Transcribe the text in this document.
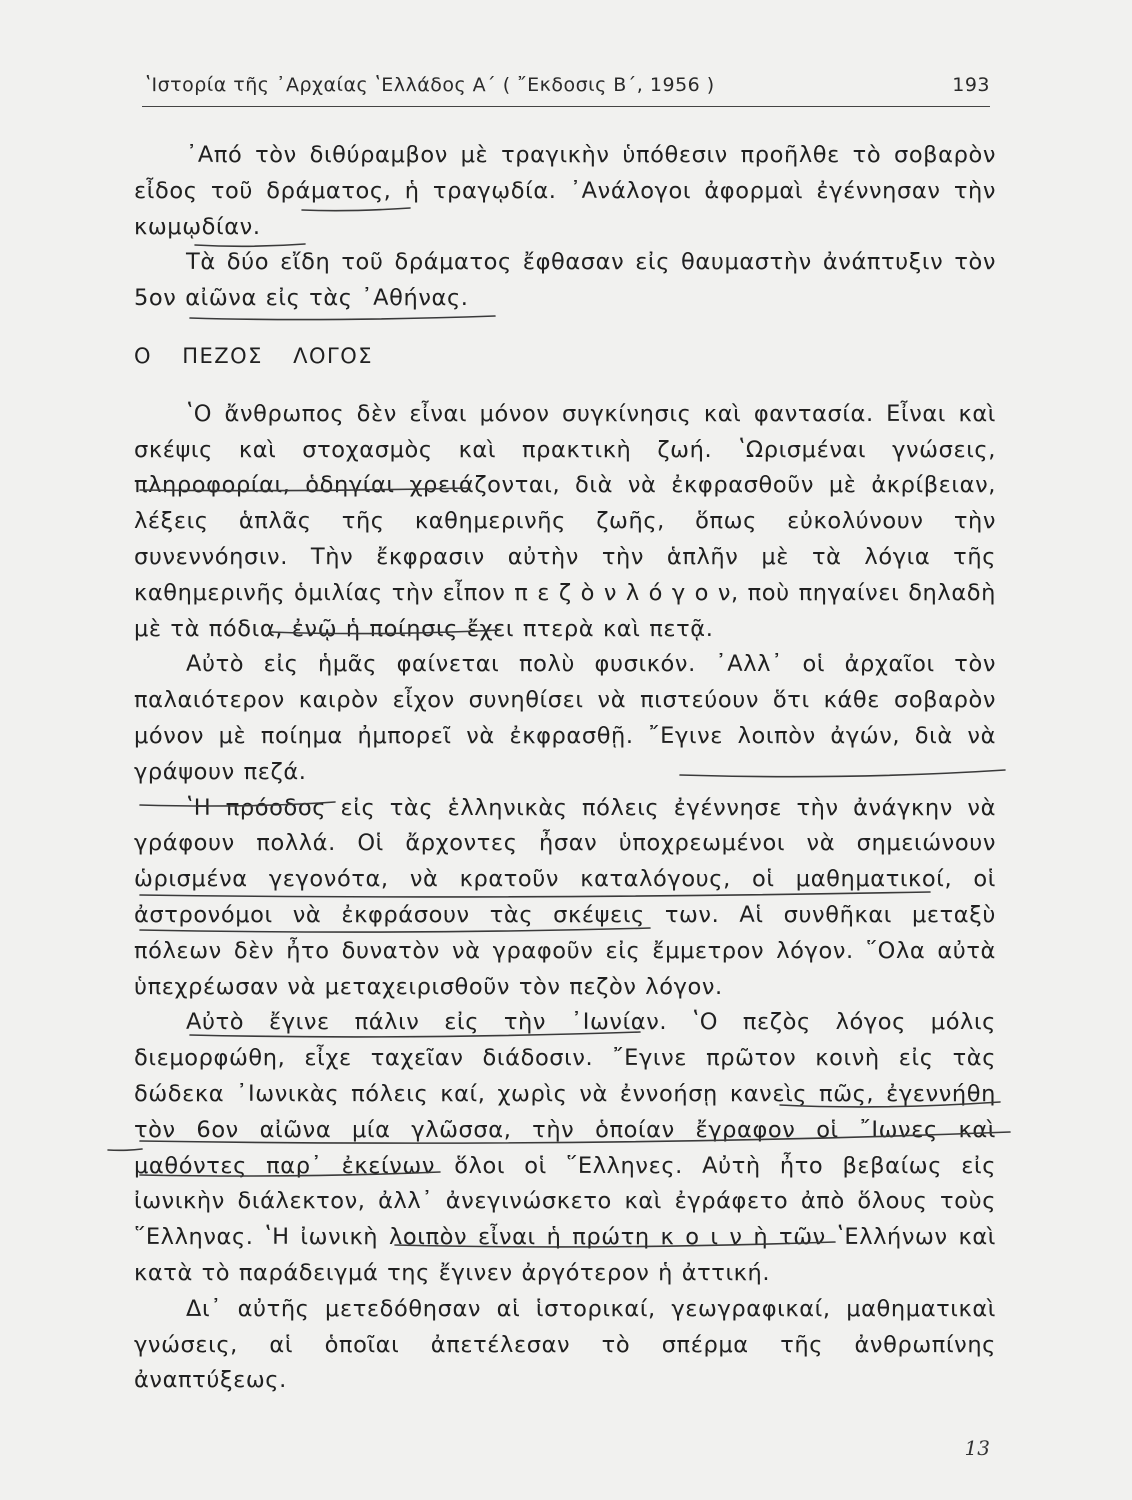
ʽΙστορία τῆς ᾽Αρχαίας ʽΕλλάδος Α΄ ( ῎Εκδοσις Β΄, 1956 )	193

᾽Από τὸν διθύραμβον μὲ τραγικὴν ὑπόθεσιν προῆλθε τὸ σοβαρὸν εἶδος τοῦ δράματος, ἡ τραγῳδία. ᾽Ανάλογοι ἀφορμαὶ ἐγέννησαν τὴν κωμῳδίαν.

Τὰ δύο εἴδη τοῦ δράματος ἔφθασαν εἰς θαυμαστὴν ἀνάπτυξιν τὸν 5ον αἰῶνα εἰς τὰς ᾽Αθήνας.

Ο ΠΕΖΟΣ ΛΟΓΟΣ

ʽΟ ἄνθρωπος δὲν εἶναι μόνον συγκίνησις καὶ φαντασία. Εἶναι καὶ σκέψις καὶ στοχασμὸς καὶ πρακτικὴ ζωή. ʽΩρισμέναι γνώσεις, πληροφορίαι, ὁδηγίαι χρειάζονται, διὰ νὰ ἐκφρασθοῦν μὲ ἀκρίβειαν, λέξεις ἁπλᾶς τῆς καθημερινῆς ζωῆς, ὅπως εὐκολύνουν τὴν συνεννόησιν. Τὴν ἔκφρασιν αὐτὴν τὴν ἁπλῆν μὲ τὰ λόγια τῆς καθημερινῆς ὁμιλίας τὴν εἶπον π ε ζ ὸ ν λ ό γ ο ν, ποὺ πηγαίνει δηλαδὴ μὲ τὰ πόδια, ἐνῷ ἡ ποίησις ἔχει πτερὰ καὶ πετᾷ.

Αὐτὸ εἰς ἡμᾶς φαίνεται πολὺ φυσικόν. ᾽Αλλ᾽ οἱ ἀρχαῖοι τὸν παλαιότερον καιρὸν εἶχον συνηθίσει νὰ πιστεύουν ὅτι κάθε σοβαρὸν μόνον μὲ ποίημα ἠμπορεῖ νὰ ἐκφρασθῇ. ῎Εγινε λοιπὸν ἀγών, διὰ νὰ γράψουν πεζά.

ʽΗ πρόοδος εἰς τὰς ἑλληνικὰς πόλεις ἐγέννησε τὴν ἀνάγκην νὰ γράφουν πολλά. Οἱ ἄρχοντες ἦσαν ὑποχρεωμένοι νὰ σημειώνουν ὡρισμένα γεγονότα, νὰ κρατοῦν καταλόγους, οἱ μαθηματικοί, οἱ ἀστρονόμοι νὰ ἐκφράσουν τὰς σκέψεις των. Αἱ συνθῆκαι μεταξὺ πόλεων δὲν ἦτο δυνατὸν νὰ γραφοῦν εἰς ἔμμετρον λόγον. ῞Ολα αὐτὰ ὑπεχρέωσαν νὰ μεταχειρισθοῦν τὸν πεζὸν λόγον.

Αὐτὸ ἔγινε πάλιν εἰς τὴν ᾽Ιωνίαν. ʽΟ πεζὸς λόγος μόλις διεμορφώθη, εἶχε ταχεῖαν διάδοσιν. ῎Εγινε πρῶτον κοινὴ εἰς τὰς δώδεκα ᾽Ιωνικὰς πόλεις καί, χωρὶς νὰ ἐννοήσῃ κανεὶς πῶς, ἐγεννήθη τὸν 6ον αἰῶνα μία γλῶσσα, τὴν ὁποίαν ἔγραφον οἱ ῎Ιωνες καὶ μαθόντες παρ᾽ ἐκείνων ὅλοι οἱ ῞Ελληνες. Αὐτὴ ἦτο βεβαίως εἰς ἰωνικὴν διάλεκτον, ἀλλ᾽ ἀνεγινώσκετο καὶ ἐγράφετο ἀπὸ ὅλους τοὺς ῞Ελληνας. ʽΗ ἰωνικὴ λοιπὸν εἶναι ἡ πρώτη κ ο ι ν ὴ τῶν ʽΕλλήνων καὶ κατὰ τὸ παράδειγμά της ἔγινεν ἀργότερον ἡ ἀττική.

Δι᾽ αὐτῆς μετεδόθησαν αἱ ἱστορικαί, γεωγραφικαί, μαθηματικαὶ γνώσεις, αἱ ὁποῖαι ἀπετέλεσαν τὸ σπέρμα τῆς ἀνθρωπίνης ἀναπτύξεως.

13
